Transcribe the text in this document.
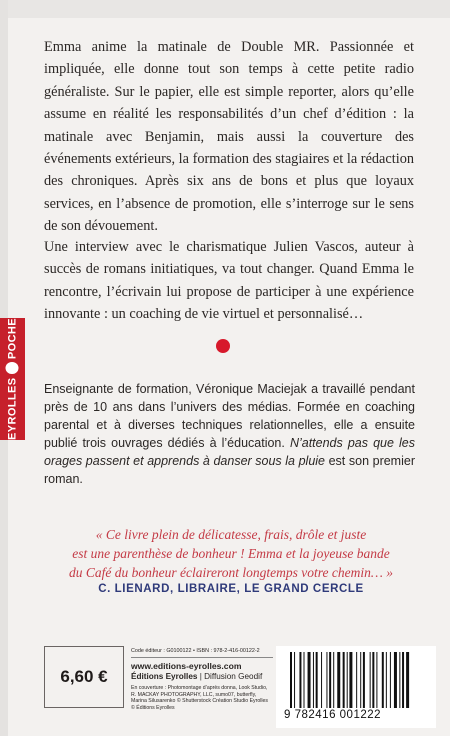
EYROLLES
POCHE

Emma anime la matinale de Double MR. Passionnée et impliquée, elle donne tout son temps à cette petite radio généraliste. Sur le papier, elle est simple reporter, alors qu’elle assume en réalité les responsabilités d’un chef d’édition : la matinale avec Benjamin, mais aussi la couverture des événements extérieurs, la formation des stagiaires et la rédaction des chroniques. Après six ans de bons et plus que loyaux services, en l’absence de promotion, elle s’interroge sur le sens de son dévouement.

Une interview avec le charismatique Julien Vascos, auteur à succès de romans initiatiques, va tout changer. Quand Emma le rencontre, l’écrivain lui propose de participer à une expérience innovante : un coaching de vie virtuel et personnalisé…

Enseignante de formation, Véronique Maciejak a travaillé pendant près de 10 ans dans l’univers des médias. Formée en coaching parental et à diverses techniques relationnelles, elle a ensuite publié trois ouvrages dédiés à l’éducation. N’attends pas que les orages passent et apprends à danser sous la pluie est son premier roman.

« Ce livre plein de délicatesse, frais, drôle et juste
est une parenthèse de bonheur ! Emma et la joyeuse bande
du Café du bonheur éclaireront longtemps votre chemin… »
C. LIENARD, LIBRAIRE, LE GRAND CERCLE
6,60 €
Code éditeur : G0100122 • ISBN : 978-2-416-00122-2
www.editions-eyrolles.com
Éditions Eyrolles | Diffusion Geodif
En couverture : Photomontage d’après donna, Look Studio, R. MACKAY PHOTOGRAPHY, LLC, sumo07, butterfly, Marina Silusarenko © Shutterstock Création Studio Eyrolles © Éditions Eyrolles
9 782416 001222
